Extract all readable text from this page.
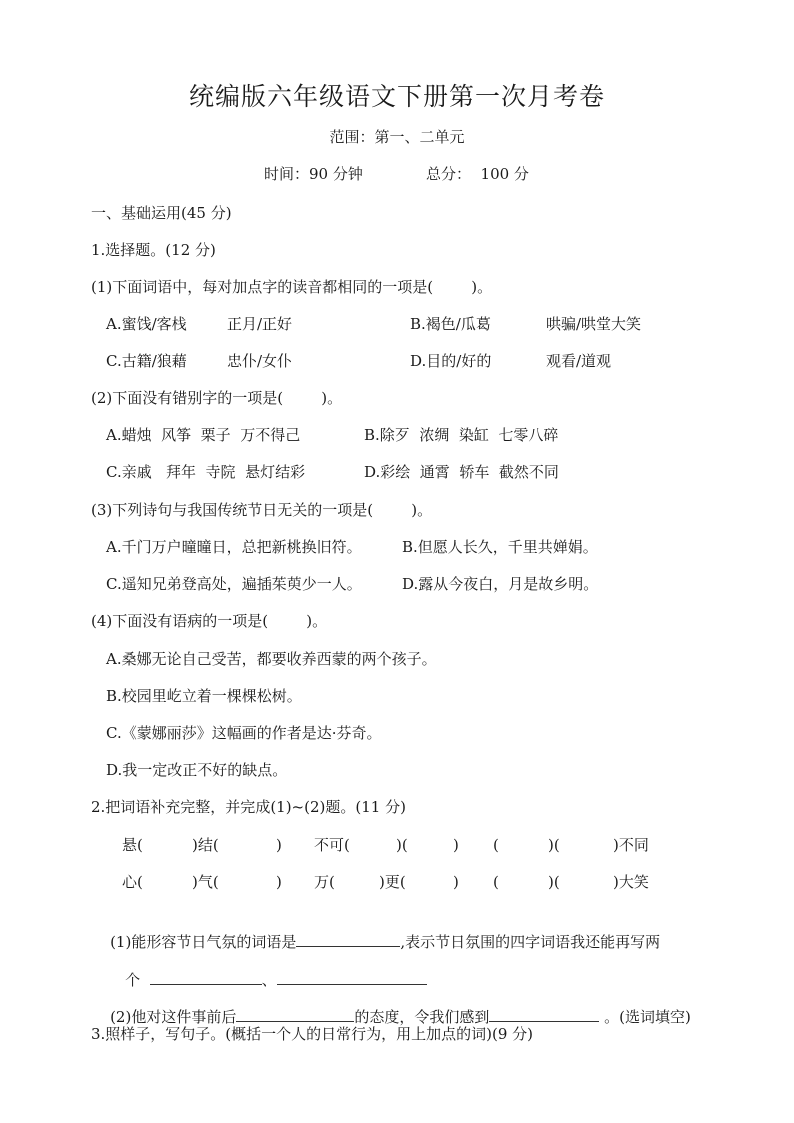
统编版六年级语文下册第一次月考卷
范围：第一、二单元
时间：90 分钟	总分：  100 分
一、基础运用(45 分)
1.选择题。(12 分)
(1)下面词语中，每对加点字的读音都相同的一项是(        )。
A.蜜饯/客栈	正月/正好	B.褐色/瓜葛	哄骗/哄堂大笑
C.古籍/狼藉	忠仆/女仆	D.目的/好的	观看/道观
(2)下面没有错别字的一项是(        )。
A.蜡烛  风筝  栗子  万不得己	B.除歹  浓绸  染缸  七零八碎
C.亲戚   拜年  寺院  悬灯结彩	D.彩绘  通霄  轿车  截然不同
(3)下列诗句与我国传统节日无关的一项是(        )。
A.千门万户曈曈日，总把新桃换旧符。	B.但愿人长久，千里共婵娟。
C.遥知兄弟登高处，遍插茱萸少一人。	D.露从今夜白，月是故乡明。
(4)下面没有语病的一项是(        )。
A.桑娜无论自己受苦，都要收养西蒙的两个孩子。
B.校园里屹立着一棵棵松树。
C.《蒙娜丽莎》这幅画的作者是达·芬奇。
D.我一定改正不好的缺点。
2.把词语补充完整，并完成(1)~(2)题。(11 分)
悬(	)结(	) 不可(	)(	) (	)(	)不同
心(	)气(	) 万(	)更(	) (	)(	)大笑

(1)能形容节日气氛的词语是	,表示节日氛围的四字词语我还能再写两

个	、

(2)他对这件事前后	的态度，令我们感到	。(选词填空)

3.照样子，写句子。(概括一个人的日常行为，用上加点的词)(9 分)
